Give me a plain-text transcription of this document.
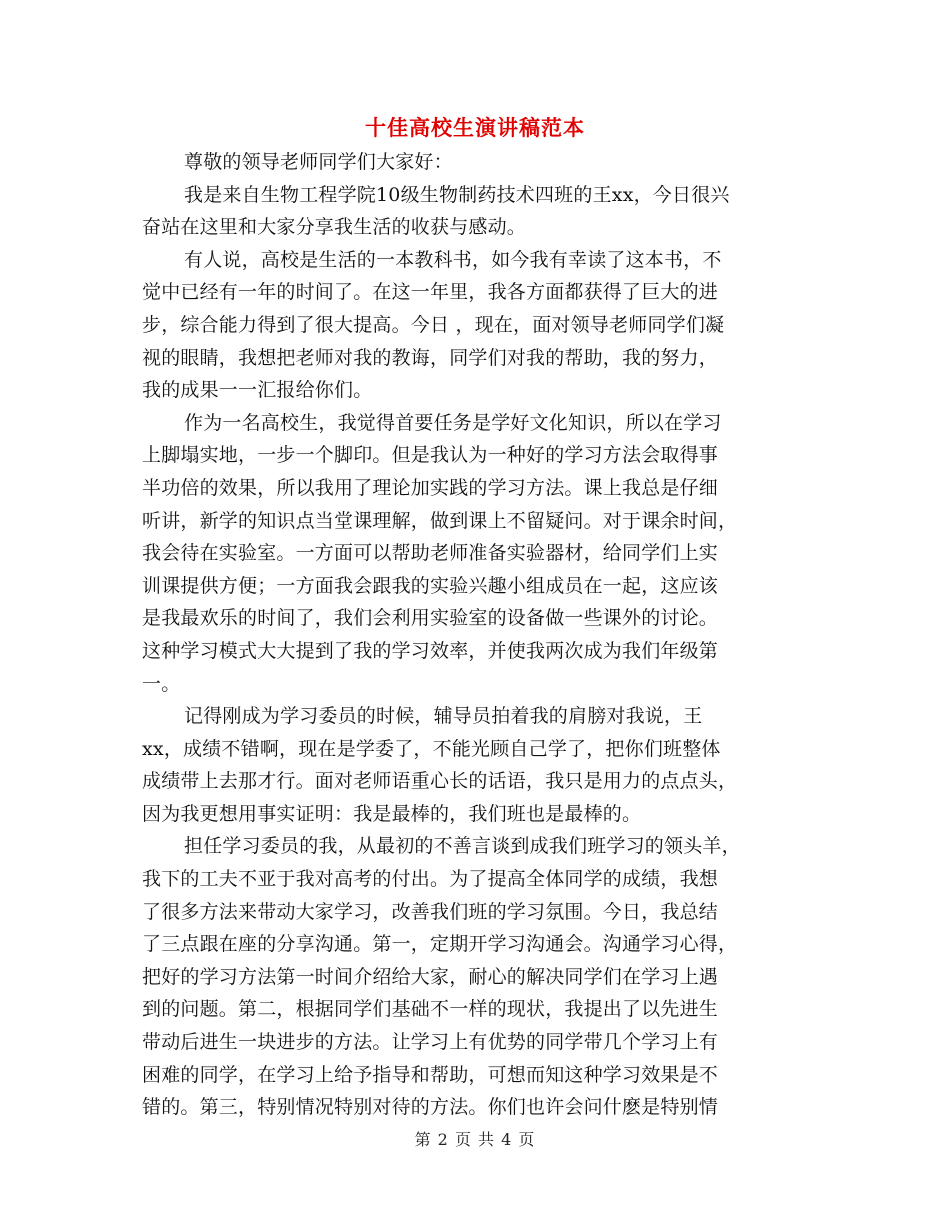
十佳高校生演讲稿范本

尊敬的领导老师同学们大家好：

我是来自生物工程学院10级生物制药技术四班的王xx，今日很兴
奋站在这里和大家分享我生活的收获与感动。

有人说，高校是生活的一本教科书，如今我有幸读了这本书，不
觉中已经有一年的时间了。在这一年里，我各方面都获得了巨大的进
步，综合能力得到了很大提高。今日 ，现在，面对领导老师同学们凝
视的眼睛，我想把老师对我的教诲，同学们对我的帮助，我的努力，
我的成果一一汇报给你们。

作为一名高校生，我觉得首要任务是学好文化知识，所以在学习
上脚塌实地，一步一个脚印。但是我认为一种好的学习方法会取得事
半功倍的效果，所以我用了理论加实践的学习方法。课上我总是仔细
听讲，新学的知识点当堂课理解，做到课上不留疑问。对于课余时间，
我会待在实验室。一方面可以帮助老师准备实验器材，给同学们上实
训课提供方便；一方面我会跟我的实验兴趣小组成员在一起，这应该
是我最欢乐的时间了，我们会利用实验室的设备做一些课外的讨论。
这种学习模式大大提到了我的学习效率，并使我两次成为我们年级第
一。

记得刚成为学习委员的时候，辅导员拍着我的肩膀对我说，王
xx，成绩不错啊，现在是学委了，不能光顾自己学了，把你们班整体
成绩带上去那才行。面对老师语重心长的话语，我只是用力的点点头，
因为我更想用事实证明：我是最棒的，我们班也是最棒的。

担任学习委员的我，从最初的不善言谈到成我们班学习的领头羊，
我下的工夫不亚于我对高考的付出。为了提高全体同学的成绩，我想
了很多方法来带动大家学习，改善我们班的学习氛围。今日，我总结
了三点跟在座的分享沟通。第一，定期开学习沟通会。沟通学习心得，
把好的学习方法第一时间介绍给大家，耐心的解决同学们在学习上遇
到的问题。第二，根据同学们基础不一样的现状，我提出了以先进生
带动后进生一块进步的方法。让学习上有优势的同学带几个学习上有
困难的同学，在学习上给予指导和帮助，可想而知这种学习效果是不
错的。第三，特别情况特别对待的方法。你们也许会问什麽是特别情

第 2 页 共 4 页
